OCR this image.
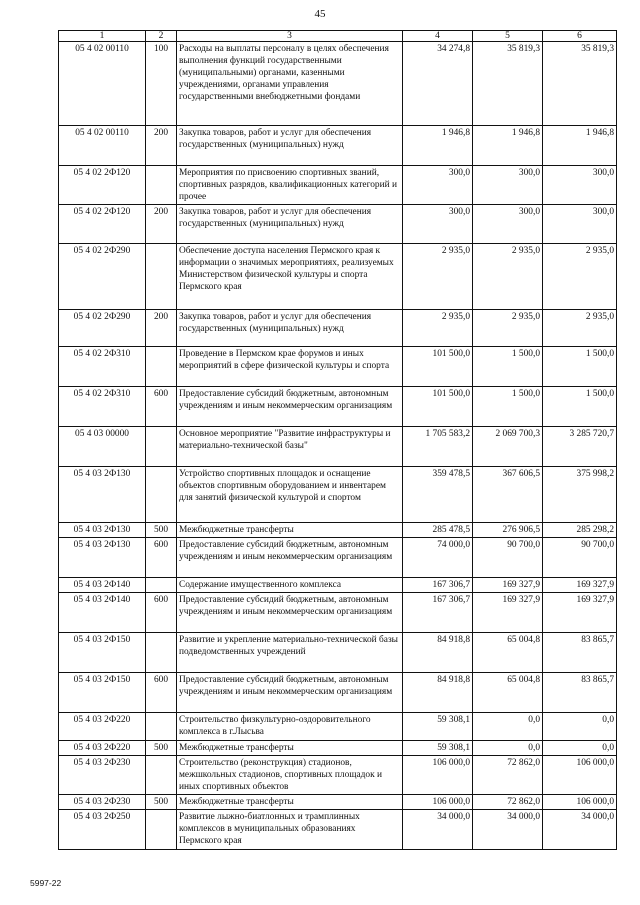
45
1	2	3	4	5	6
05 4 02 00110	100	Расходы на выплаты персоналу в целях обеспечения выполнения функций государственными (муниципальными) органами, казенными учреждениями, органами управления государственными внебюджетными фондами	34 274,8	35 819,3	35 819,3
05 4 02 00110	200	Закупка товаров, работ и услуг для обеспечения государственных (муниципальных) нужд	1 946,8	1 946,8	1 946,8
05 4 02 2Ф120		Мероприятия по присвоению спортивных званий, спортивных разрядов, квалификационных категорий и прочее	300,0	300,0	300,0
05 4 02 2Ф120	200	Закупка товаров, работ и услуг для обеспечения государственных (муниципальных) нужд	300,0	300,0	300,0
05 4 02 2Ф290		Обеспечение доступа населения Пермского края к информации о значимых мероприятиях, реализуемых Министерством физической культуры и спорта Пермского края	2 935,0	2 935,0	2 935,0
05 4 02 2Ф290	200	Закупка товаров, работ и услуг для обеспечения государственных (муниципальных) нужд	2 935,0	2 935,0	2 935,0
05 4 02 2Ф310		Проведение в Пермском крае форумов и иных мероприятий в сфере физической культуры и спорта	101 500,0	1 500,0	1 500,0
05 4 02 2Ф310	600	Предоставление субсидий бюджетным, автономным учреждениям и иным некоммерческим организациям	101 500,0	1 500,0	1 500,0
05 4 03 00000		Основное мероприятие "Развитие инфраструктуры и материально-технической базы"	1 705 583,2	2 069 700,3	3 285 720,7
05 4 03 2Ф130		Устройство спортивных площадок и оснащение объектов спортивным оборудованием и инвентарем для занятий физической культурой и спортом	359 478,5	367 606,5	375 998,2
05 4 03 2Ф130	500	Межбюджетные трансферты	285 478,5	276 906,5	285 298,2
05 4 03 2Ф130	600	Предоставление субсидий бюджетным, автономным учреждениям и иным некоммерческим организациям	74 000,0	90 700,0	90 700,0
05 4 03 2Ф140		Содержание имущественного комплекса	167 306,7	169 327,9	169 327,9
05 4 03 2Ф140	600	Предоставление субсидий бюджетным, автономным учреждениям и иным некоммерческим организациям	167 306,7	169 327,9	169 327,9
05 4 03 2Ф150		Развитие и укрепление материально-технической базы подведомственных учреждений	84 918,8	65 004,8	83 865,7
05 4 03 2Ф150	600	Предоставление субсидий бюджетным, автономным учреждениям и иным некоммерческим организациям	84 918,8	65 004,8	83 865,7
05 4 03 2Ф220		Строительство физкультурно-оздоровительного комплекса в г.Лысьва	59 308,1	0,0	0,0
05 4 03 2Ф220	500	Межбюджетные трансферты	59 308,1	0,0	0,0
05 4 03 2Ф230		Строительство (реконструкция) стадионов, межшкольных стадионов, спортивных площадок и иных спортивных объектов	106 000,0	72 862,0	106 000,0
05 4 03 2Ф230	500	Межбюджетные трансферты	106 000,0	72 862,0	106 000,0
05 4 03 2Ф250		Развитие лыжно-биатлонных и трамплинных комплексов в муниципальных образованиях Пермского края	34 000,0	34 000,0	34 000,0
5997-22
